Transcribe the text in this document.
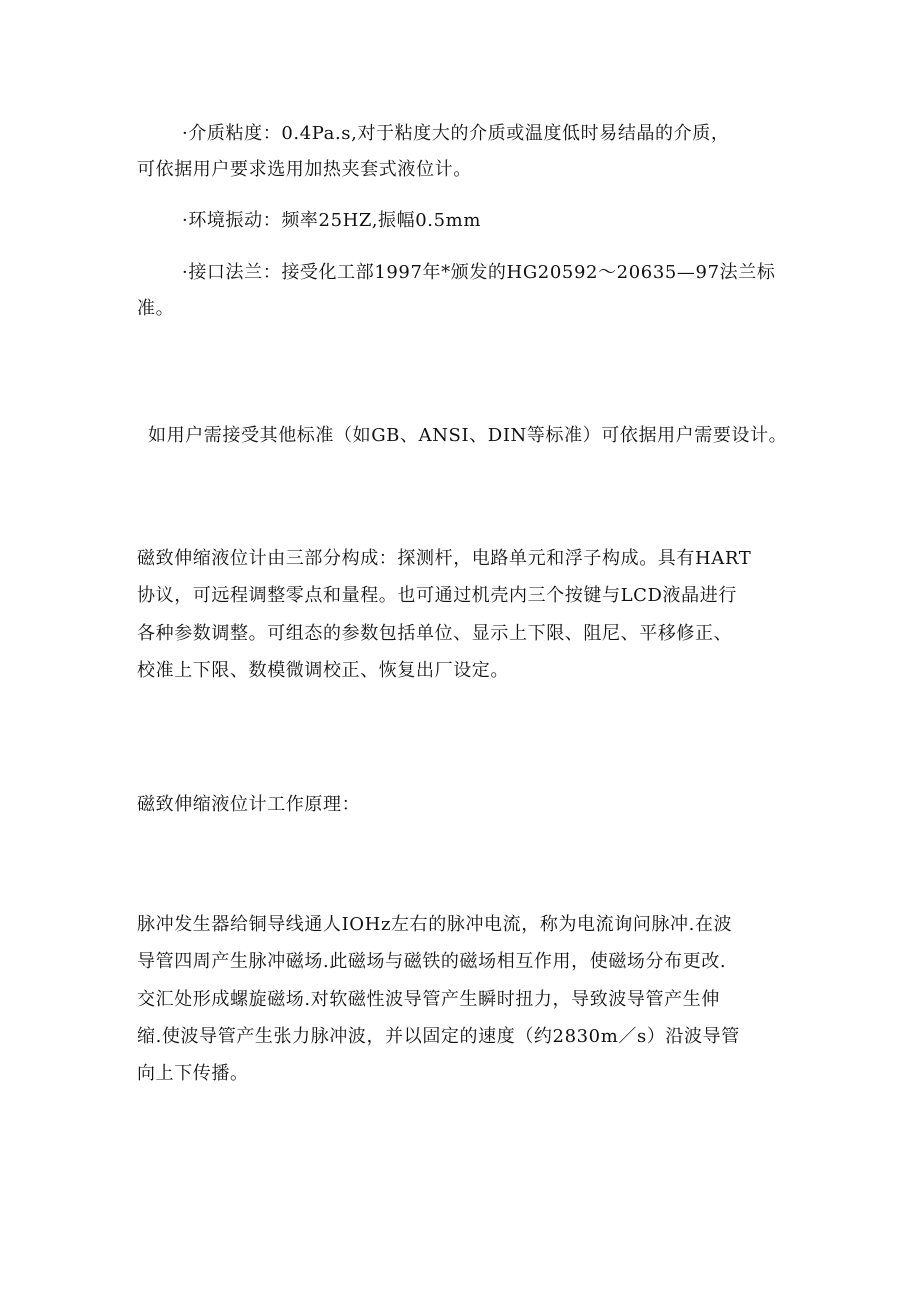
·介质粘度：0.4Pa.s,对于粘度大的介质或温度低时易结晶的介质，
可依据用户要求选用加热夹套式液位计。
·环境振动：频率25HZ,振幅0.5mm
·接口法兰：接受化工部1997年*颁发的HG20592～20635—97法兰标
准。
如用户需接受其他标准（如GB、ANSI、DIN等标准）可依据用户需要设计。
磁致伸缩液位计由三部分构成：探测杆，电路单元和浮子构成。具有HART
协议，可远程调整零点和量程。也可通过机壳内三个按键与LCD液晶进行
各种参数调整。可组态的参数包括单位、显示上下限、阻尼、平移修正、
校准上下限、数模微调校正、恢复出厂设定。
磁致伸缩液位计工作原理：
脉冲发生器给铜导线通人IOHz左右的脉冲电流，称为电流询问脉冲.在波
导管四周产生脉冲磁场.此磁场与磁铁的磁场相互作用，使磁场分布更改.
交汇处形成螺旋磁场.对软磁性波导管产生瞬时扭力，导致波导管产生伸
缩.使波导管产生张力脉冲波，并以固定的速度（约2830m／s）沿波导管
向上下传播。
